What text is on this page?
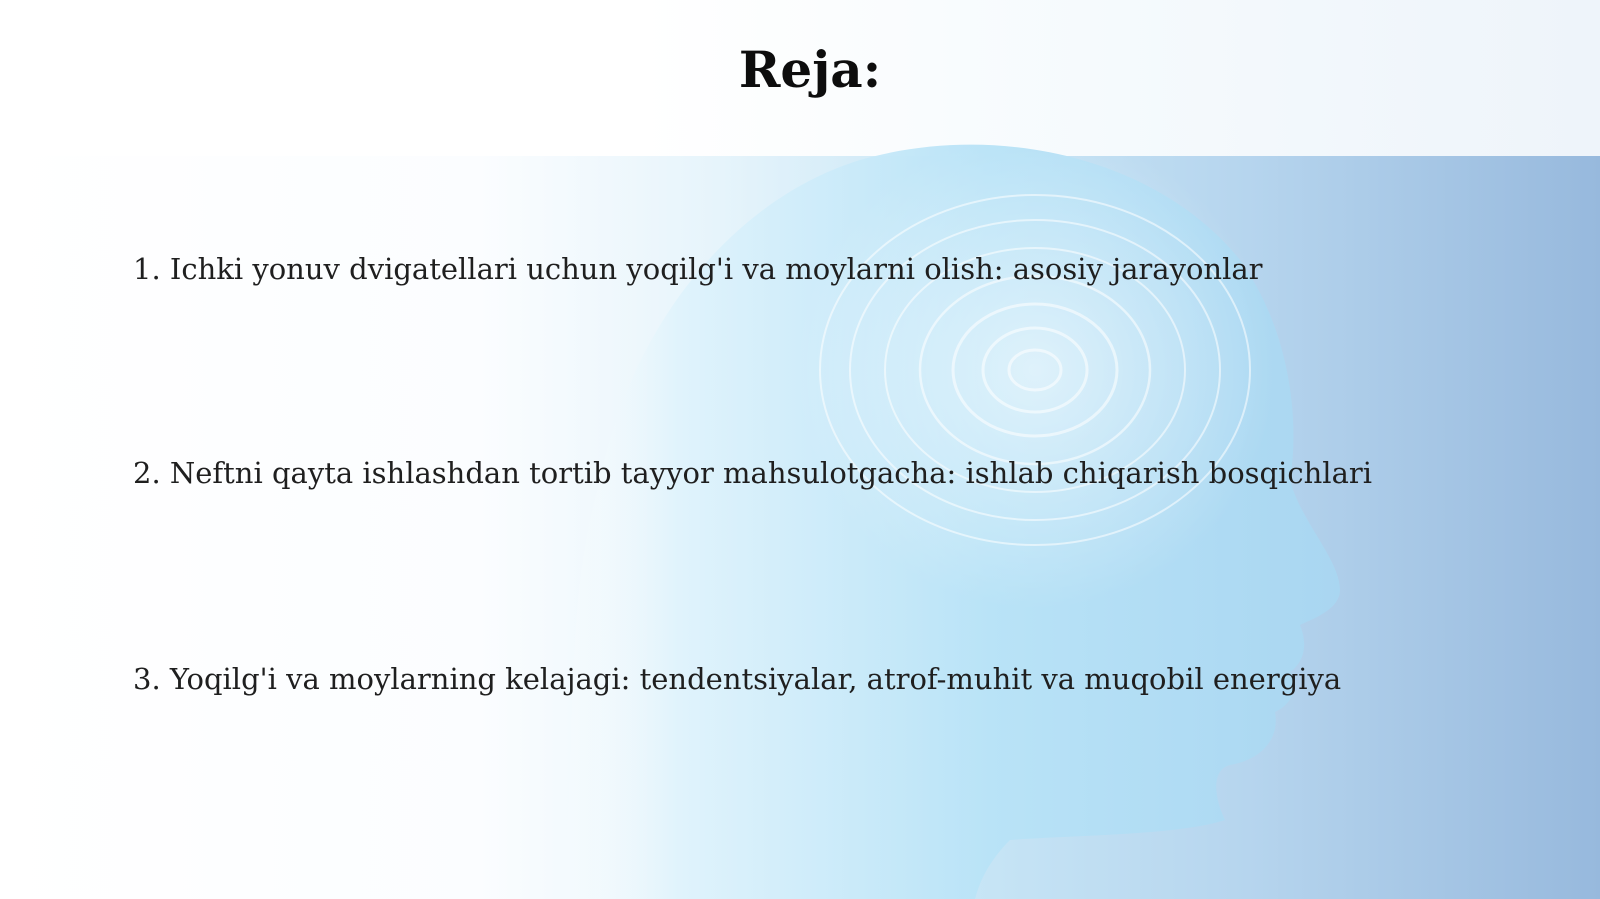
Reja:

1. Ichki yonuv dvigatellari uchun yoqilg'i va moylarni olish: asosiy jarayonlar

2. Neftni qayta ishlashdan tortib tayyor mahsulotgacha: ishlab chiqarish bosqichlari

3. Yoqilg'i va moylarning kelajagi: tendentsiyalar, atrof-muhit va muqobil energiya
